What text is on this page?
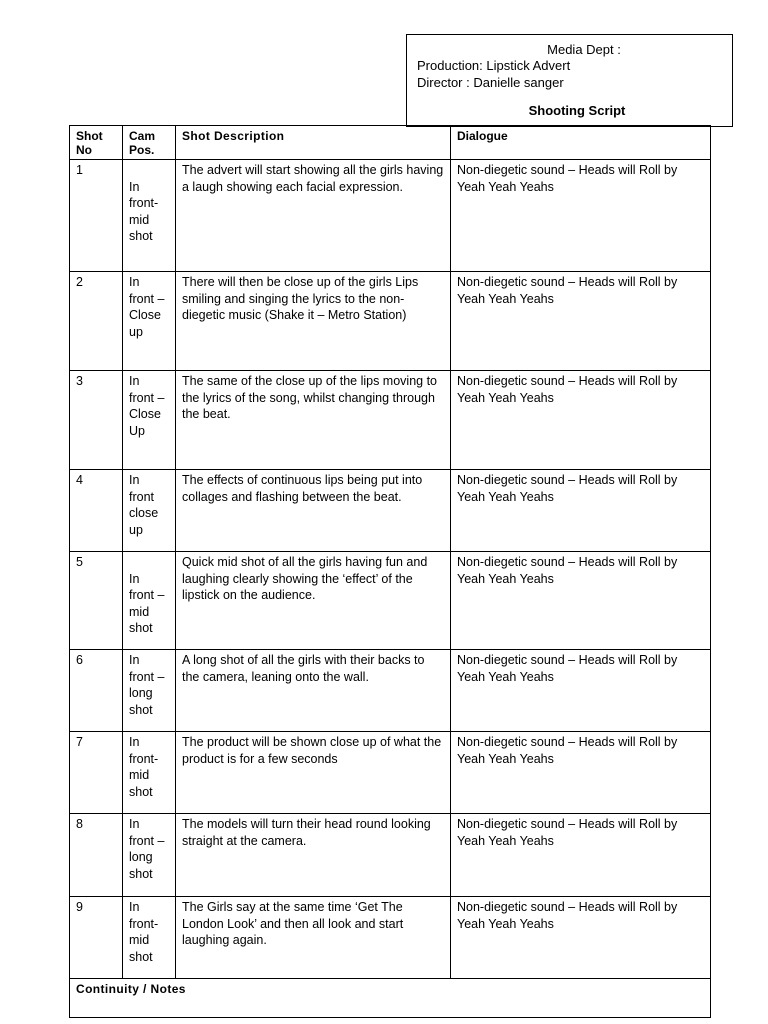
Media Dept :
Production: Lipstick Advert
Director : Danielle sanger
Shooting Script
Shot No	Cam Pos.	Shot Description	Dialogue
1	In
front-
mid
shot	The advert will start showing all the girls having a laugh showing each facial expression.	Non-diegetic sound – Heads will Roll by Yeah Yeah Yeahs
2	In
front –
Close
up	There will then be close up of the girls Lips smiling and singing the lyrics to the non-diegetic music (Shake it – Metro Station)	Non-diegetic sound – Heads will Roll by Yeah Yeah Yeahs
3	In
front –
Close
Up	The same of the close up of the lips moving to the lyrics of the song, whilst changing through the beat.	Non-diegetic sound – Heads will Roll by Yeah Yeah Yeahs
4	In
front
close
up	The effects of continuous lips being put into collages and flashing between the beat.	Non-diegetic sound – Heads will Roll by Yeah Yeah Yeahs
5	In
front –
mid
shot	Quick mid shot of all the girls having fun and laughing clearly showing the ‘effect’ of the lipstick on the audience.	Non-diegetic sound – Heads will Roll by Yeah Yeah Yeahs
6	In
front –
long
shot	A long shot of all the girls with their backs to the camera, leaning onto the wall.	Non-diegetic sound – Heads will Roll by Yeah Yeah Yeahs
7	In
front-
mid
shot	The product will be shown close up of what the product is for a few seconds	Non-diegetic sound – Heads will Roll by Yeah Yeah Yeahs
8	In
front –
long
shot	The models will turn their head round looking straight at the camera.	Non-diegetic sound – Heads will Roll by Yeah Yeah Yeahs
9	In
front-
mid
shot	The Girls say at the same time ‘Get The London Look’ and then all look and start laughing again.	Non-diegetic sound – Heads will Roll by Yeah Yeah Yeahs
Continuity / Notes			
